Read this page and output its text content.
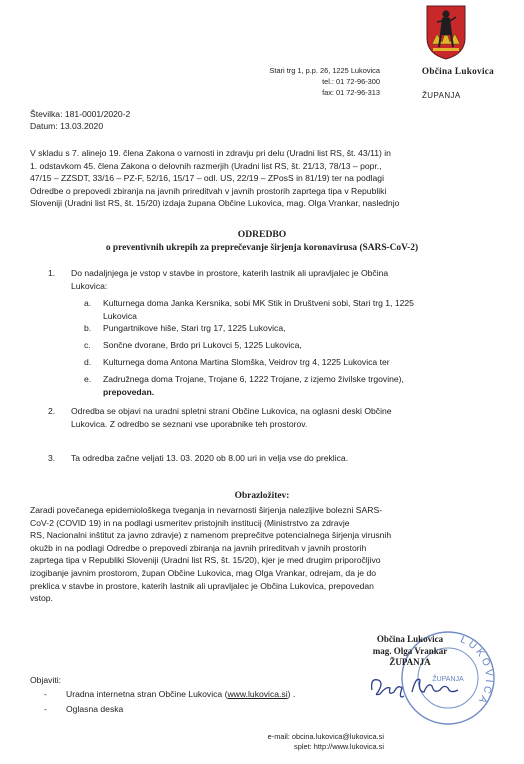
Občina Lukovica
ŽUPANJA
Stari trg 1, p.p. 26, 1225 Lukovica
tel.: 01 72-96-300
fax: 01 72-96-313
Številka: 181-0001/2020-2
Datum: 13.03.2020
V skladu s 7. alinejo 19. člena Zakona o varnosti in zdravju pri delu (Uradni list RS, št. 43/11) in
1. odstavkom 45. člena Zakona o delovnih razmerjih (Uradni list RS, št. 21/13, 78/13 – popr.,
47/15 – ZZSDT, 33/16 – PZ-F, 52/16, 15/17 – odl. US, 22/19 – ZPosS in 81/19) ter na podlagi
Odredbe o prepovedi zbiranja na javnih prireditvah v javnih prostorih zaprtega tipa v Republiki
Sloveniji (Uradni list RS, št. 15/20) izdaja župana Občine Lukovica, mag. Olga Vrankar, naslednjo
ODREDBO
o preventivnih ukrepih za preprečevanje širjenja koronavirusa (SARS-CoV-2)
1. Do nadaljnjega je vstop v stavbe in prostore, katerih lastnik ali upravljalec je Občina
Lukovica:
a. Kulturnega doma Janka Kersnika, sobi MK Stik in Društveni sobi, Stari trg 1, 1225
Lukovica
b. Pungartnikove hiše, Stari trg 17, 1225 Lukovica,
c. Sončne dvorane, Brdo pri Lukovci 5, 1225 Lukovica,
d. Kulturnega doma Antona Martina Slomška, Veidrov trg 4, 1225 Lukovica ter
e. Zadružnega doma Trojane, Trojane 6, 1222 Trojane, z izjemo živilske trgovine),
prepovedan.
2. Odredba se objavi na uradni spletni strani Občine Lukovica, na oglasni deski Občine
Lukovica. Z odredbo se seznani vse uporabnike teh prostorov.
3. Ta odredba začne veljati 13. 03. 2020 ob 8.00 uri in velja vse do preklica.
Obrazložitev:
Zaradi povečanega epidemiološkega tveganja in nevarnosti širjenja nalezljive bolezni SARS-
CoV-2 (COVID 19) in na podlagi usmeritev pristojnih institucij (Ministrstvo za zdravje
RS, Nacionalni inštitut za javno zdravje) z namenom preprečitve potencialnega širjenja virusnih
okužb in na podlagi Odredbe o prepovedi zbiranja na javnih prireditvah v javnih prostorih
zaprtega tipa v Republiki Sloveniji (Uradni list RS, št. 15/20), kjer je med drugim priporočljivo
izogibanje javnim prostorom, župan Občine Lukovica, mag Olga Vrankar, odrejam, da je do
preklica v stavbe in prostore, katerih lastnik ali upravljalec je Občina Lukovica, prepovedan
vstop.
LUKOVICA
ŽUPANJA
Občina Lukovica
mag. Olga Vrankar
ŽUPANJA
Objaviti:
- Uradna internetna stran Občine Lukovica (www.lukovica.si) .
- Oglasna deska
e-mail: obcina.lukovica@lukovica.si
splet: http://www.lukovica.si
